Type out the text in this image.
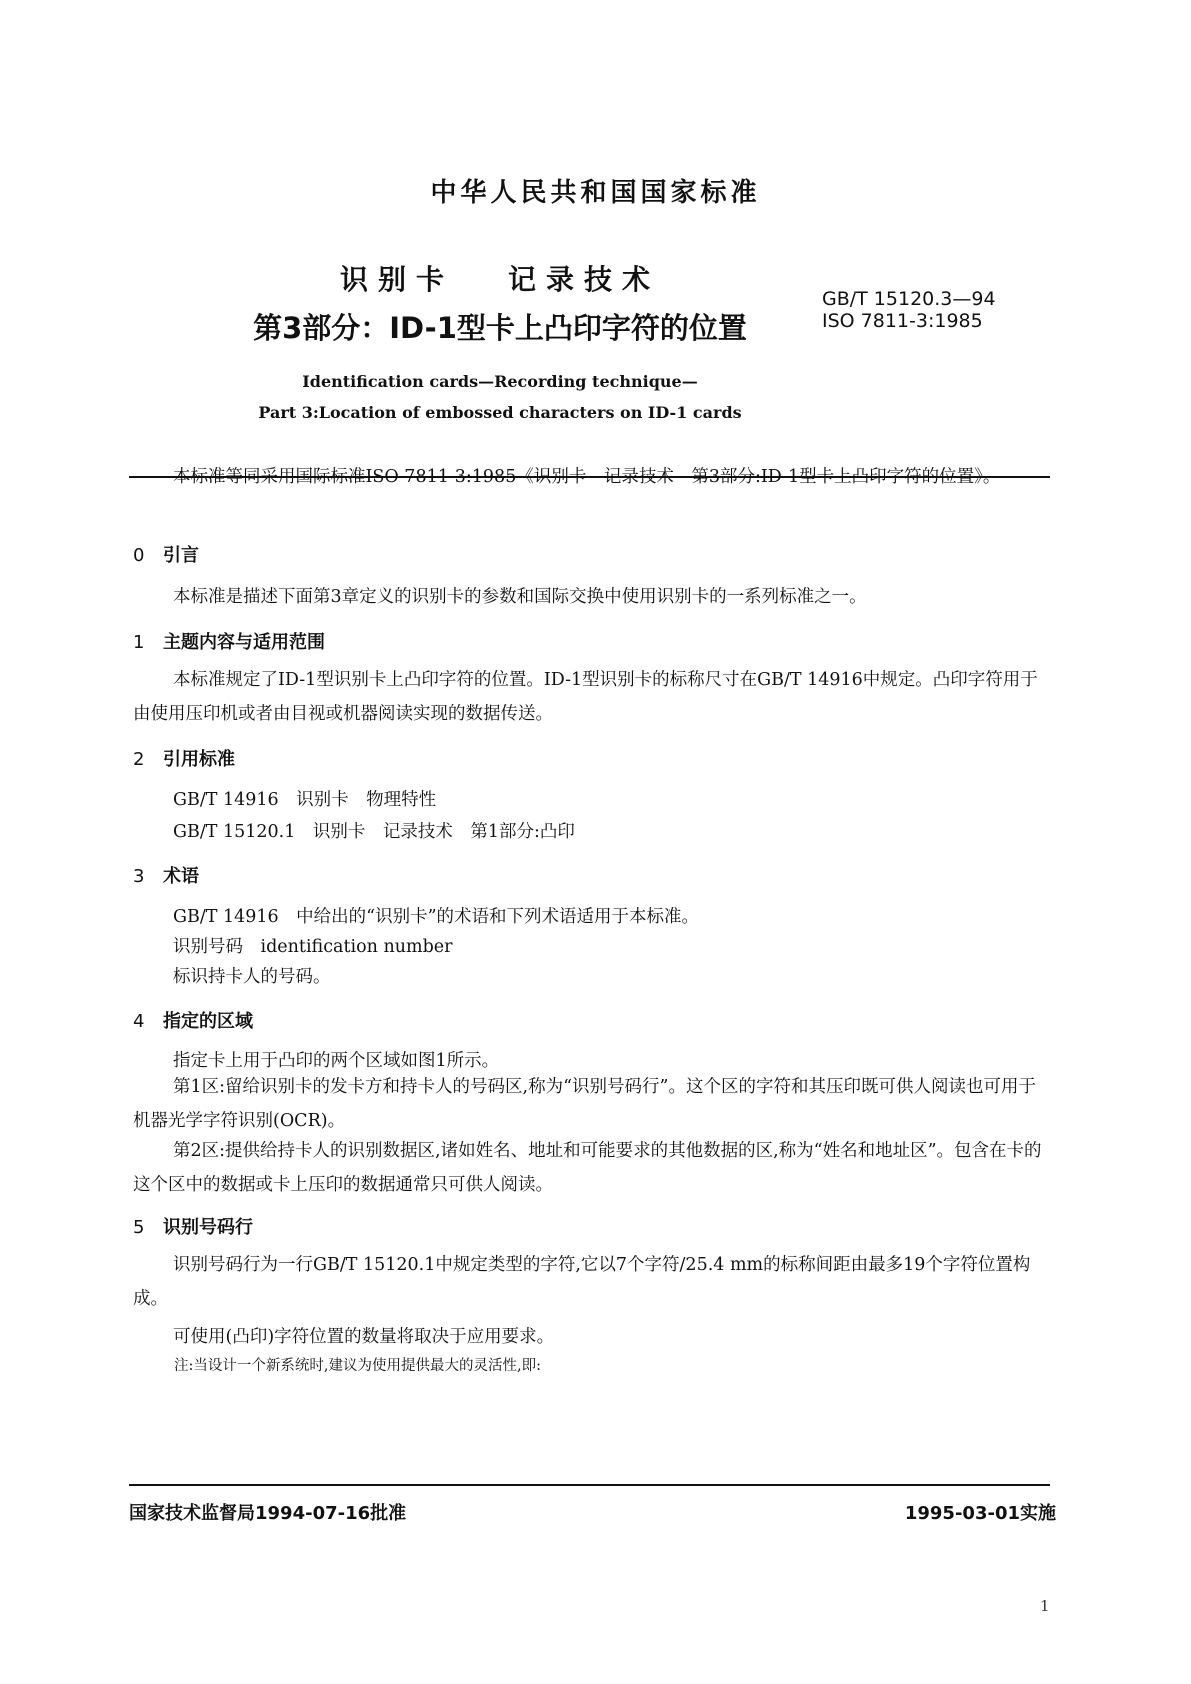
中华人民共和国国家标准
识别卡 记录技术
第3部分：ID-1型卡上凸印字符的位置
GB/T 15120.3—94
ISO 7811-3:1985
Identification cards—Recording technique—
Part 3:Location of embossed characters on ID-1 cards
本标准等同采用国际标准ISO 7811-3:1985《识别卡　记录技术　第3部分:ID-1型卡上凸印字符的位置》。
0 引言
本标准是描述下面第3章定义的识别卡的参数和国际交换中使用识别卡的一系列标准之一。
1 主题内容与适用范围
本标准规定了ID-1型识别卡上凸印字符的位置。ID-1型识别卡的标称尺寸在GB/T 14916中规定。凸印字符用于由使用压印机或者由目视或机器阅读实现的数据传送。
2 引用标准
GB/T 14916　识别卡　物理特性
GB/T 15120.1　识别卡　记录技术　第1部分:凸印
3 术语
GB/T 14916　中给出的“识别卡”的术语和下列术语适用于本标准。
识别号码　identification number
标识持卡人的号码。
4 指定的区域
指定卡上用于凸印的两个区域如图1所示。
第1区:留给识别卡的发卡方和持卡人的号码区,称为“识别号码行”。这个区的字符和其压印既可供人阅读也可用于机器光学字符识别(OCR)。
第2区:提供给持卡人的识别数据区,诸如姓名、地址和可能要求的其他数据的区,称为“姓名和地址区”。包含在卡的这个区中的数据或卡上压印的数据通常只可供人阅读。
5 识别号码行
识别号码行为一行GB/T 15120.1中规定类型的字符,它以7个字符/25.4 mm的标称间距由最多19个字符位置构成。
可使用(凸印)字符位置的数量将取决于应用要求。
注:当设计一个新系统时,建议为使用提供最大的灵活性,即:
国家技术监督局1994-07-16批准	1995-03-01实施
1
